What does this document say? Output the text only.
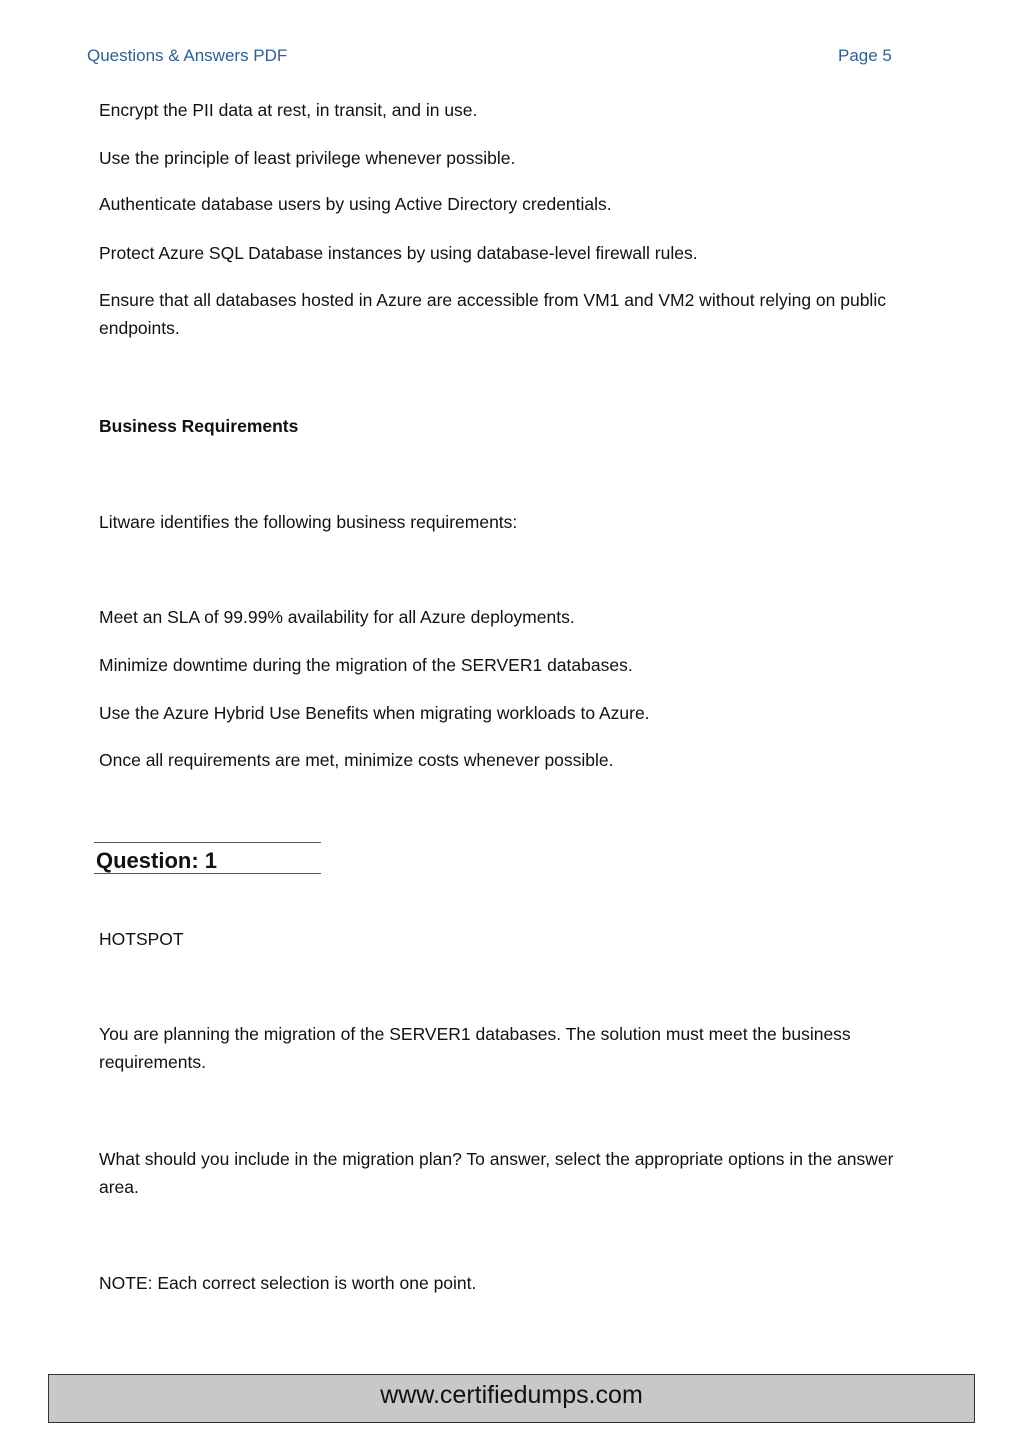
Questions & Answers PDF	Page 5

Encrypt the PII data at rest, in transit, and in use.

Use the principle of least privilege whenever possible.

Authenticate database users by using Active Directory credentials.

Protect Azure SQL Database instances by using database-level firewall rules.

Ensure that all databases hosted in Azure are accessible from VM1 and VM2 without relying on public endpoints.

Business Requirements

Litware identifies the following business requirements:

Meet an SLA of 99.99% availability for all Azure deployments.

Minimize downtime during the migration of the SERVER1 databases.

Use the Azure Hybrid Use Benefits when migrating workloads to Azure.

Once all requirements are met, minimize costs whenever possible.

Question: 1

HOTSPOT

You are planning the migration of the SERVER1 databases. The solution must meet the business requirements.

What should you include in the migration plan? To answer, select the appropriate options in the answer area.

NOTE: Each correct selection is worth one point.

www.certifiedumps.com
